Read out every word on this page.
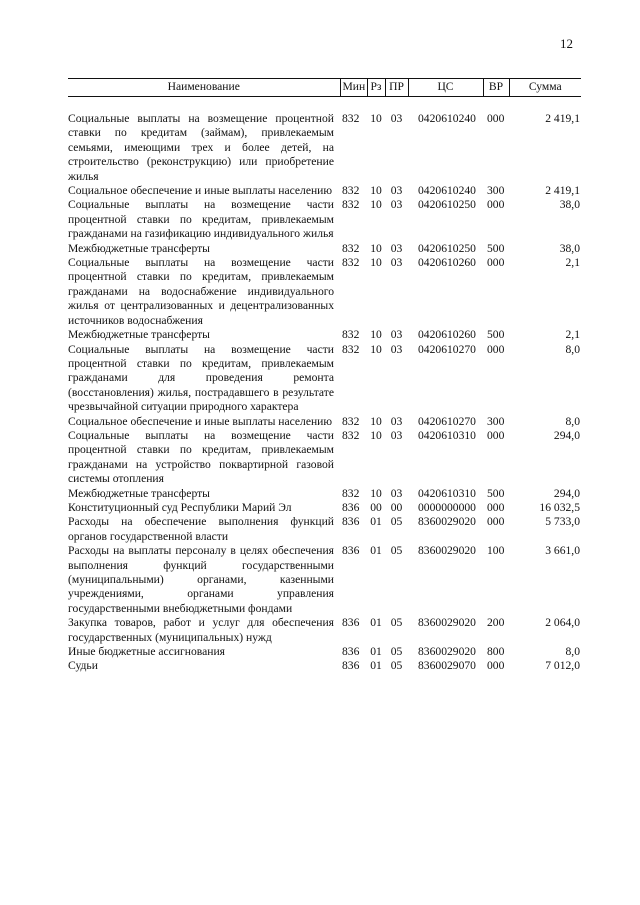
12
Наименование	Мин	Рз	ПР	ЦС	ВР	Сумма
Социальные выплаты на возмещение процентной ставки по кредитам (займам), привлекаемым семьями, имеющими трех и более детей, на строительство (реконструкцию) или приобретение жилья	832	10	03	0420610240	000	2 419,1
Социальное обеспечение и иные выплаты населению	832	10	03	0420610240	300	2 419,1
Социальные выплаты на возмещение части процентной ставки по кредитам, привлекаемым гражданами на газификацию индивидуального жилья	832	10	03	0420610250	000	38,0
Межбюджетные трансферты	832	10	03	0420610250	500	38,0
Социальные выплаты на возмещение части процентной ставки по кредитам, привлекаемым гражданами на водоснабжение индивидуального жилья от централизованных и децентрализованных источников водоснабжения	832	10	03	0420610260	000	2,1
Межбюджетные трансферты	832	10	03	0420610260	500	2,1
Социальные выплаты на возмещение части процентной ставки по кредитам, привлекаемым гражданами для проведения ремонта (восстановления) жилья, пострадавшего в результате чрезвычайной ситуации природного характера	832	10	03	0420610270	000	8,0
Социальное обеспечение и иные выплаты населению	832	10	03	0420610270	300	8,0
Социальные выплаты на возмещение части процентной ставки по кредитам, привлекаемым гражданами на устройство поквартирной газовой системы отопления	832	10	03	0420610310	000	294,0
Межбюджетные трансферты	832	10	03	0420610310	500	294,0
Конституционный суд Республики Марий Эл	836	00	00	0000000000	000	16 032,5
Расходы на обеспечение выполнения функций органов государственной власти	836	01	05	8360029020	000	5 733,0
Расходы на выплаты персоналу в целях обеспечения выполнения функций государственными (муниципальными) органами, казенными учреждениями, органами управления государственными внебюджетными фондами	836	01	05	8360029020	100	3 661,0
Закупка товаров, работ и услуг для обеспечения государственных (муниципальных) нужд	836	01	05	8360029020	200	2 064,0
Иные бюджетные ассигнования	836	01	05	8360029020	800	8,0
Судьи	836	01	05	8360029070	000	7 012,0
